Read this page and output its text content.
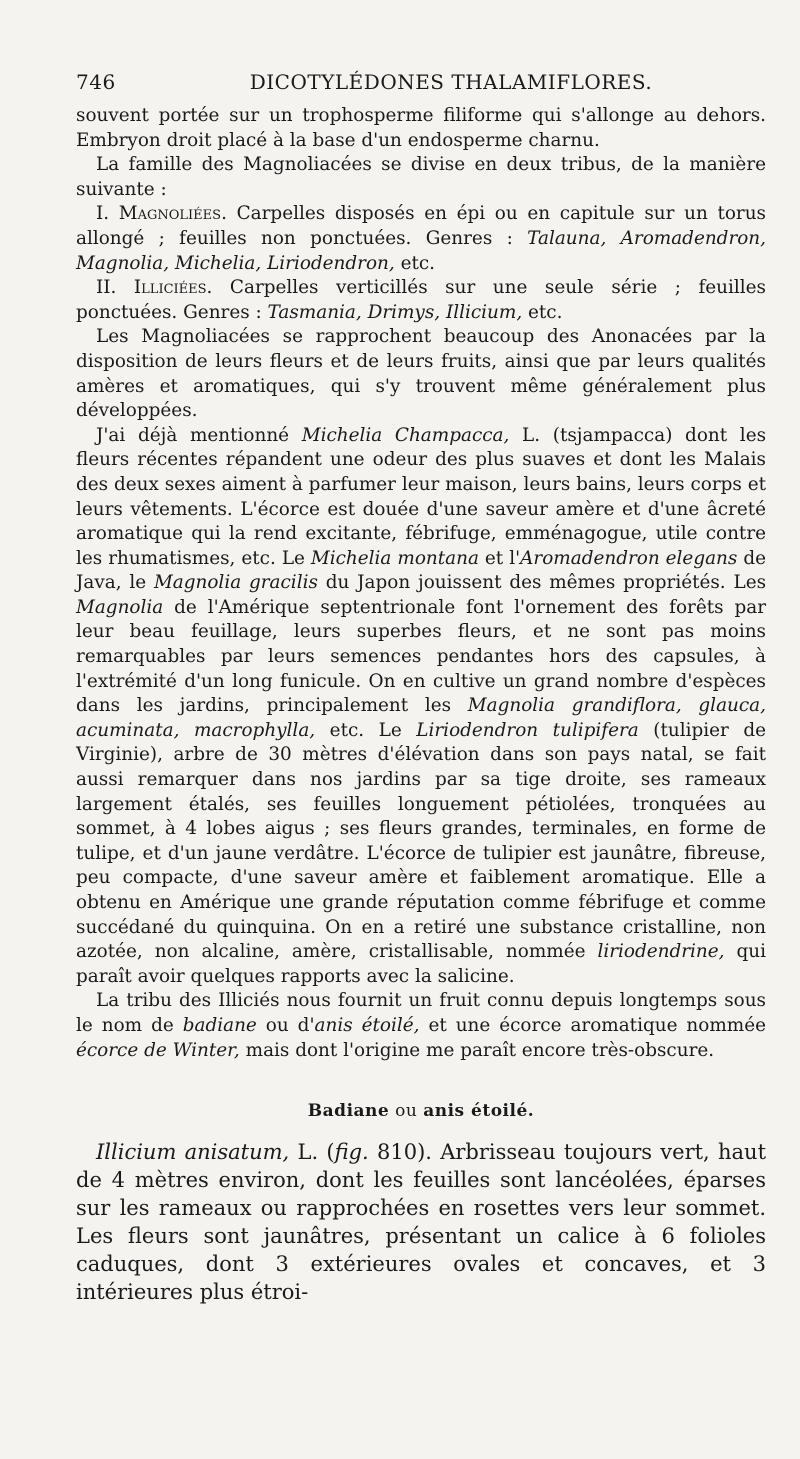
746	DICOTYLÉDONES THALAMIFLORES.

souvent portée sur un trophosperme filiforme qui s'allonge au dehors. Embryon droit placé à la base d'un endosperme charnu.

La famille des Magnoliacées se divise en deux tribus, de la manière suivante :

I. Magnoliées. Carpelles disposés en épi ou en capitule sur un torus allongé ; feuilles non ponctuées. Genres : Talauna, Aromadendron, Magnolia, Michelia, Liriodendron, etc.

II. Illiciées. Carpelles verticillés sur une seule série ; feuilles ponctuées. Genres : Tasmania, Drimys, Illicium, etc.

Les Magnoliacées se rapprochent beaucoup des Anonacées par la disposition de leurs fleurs et de leurs fruits, ainsi que par leurs qualités amères et aromatiques, qui s'y trouvent même généralement plus développées.

J'ai déjà mentionné Michelia Champacca, L. (tsjampacca) dont les fleurs récentes répandent une odeur des plus suaves et dont les Malais des deux sexes aiment à parfumer leur maison, leurs bains, leurs corps et leurs vêtements. L'écorce est douée d'une saveur amère et d'une âcreté aromatique qui la rend excitante, fébrifuge, emménagogue, utile contre les rhumatismes, etc. Le Michelia montana et l'Aromadendron elegans de Java, le Magnolia gracilis du Japon jouissent des mêmes propriétés. Les Magnolia de l'Amérique septentrionale font l'ornement des forêts par leur beau feuillage, leurs superbes fleurs, et ne sont pas moins remarquables par leurs semences pendantes hors des capsules, à l'extrémité d'un long funicule. On en cultive un grand nombre d'espèces dans les jardins, principalement les Magnolia grandiflora, glauca, acuminata, macrophylla, etc. Le Liriodendron tulipifera (tulipier de Virginie), arbre de 30 mètres d'élévation dans son pays natal, se fait aussi remarquer dans nos jardins par sa tige droite, ses rameaux largement étalés, ses feuilles longuement pétiolées, tronquées au sommet, à 4 lobes aigus ; ses fleurs grandes, terminales, en forme de tulipe, et d'un jaune verdâtre. L'écorce de tulipier est jaunâtre, fibreuse, peu compacte, d'une saveur amère et faiblement aromatique. Elle a obtenu en Amérique une grande réputation comme fébrifuge et comme succédané du quinquina. On en a retiré une substance cristalline, non azotée, non alcaline, amère, cristallisable, nommée liriodendrine, qui paraît avoir quelques rapports avec la salicine.

La tribu des Illiciés nous fournit un fruit connu depuis longtemps sous le nom de badiane ou d'anis étoilé, et une écorce aromatique nommée écorce de Winter, mais dont l'origine me paraît encore très-obscure.

Badiane ou anis étoilé.

Illicium anisatum, L. (fig. 810). Arbrisseau toujours vert, haut de 4 mètres environ, dont les feuilles sont lancéolées, éparses sur les rameaux ou rapprochées en rosettes vers leur sommet. Les fleurs sont jaunâtres, présentant un calice à 6 folioles caduques, dont 3 extérieures ovales et concaves, et 3 intérieures plus étroi-
